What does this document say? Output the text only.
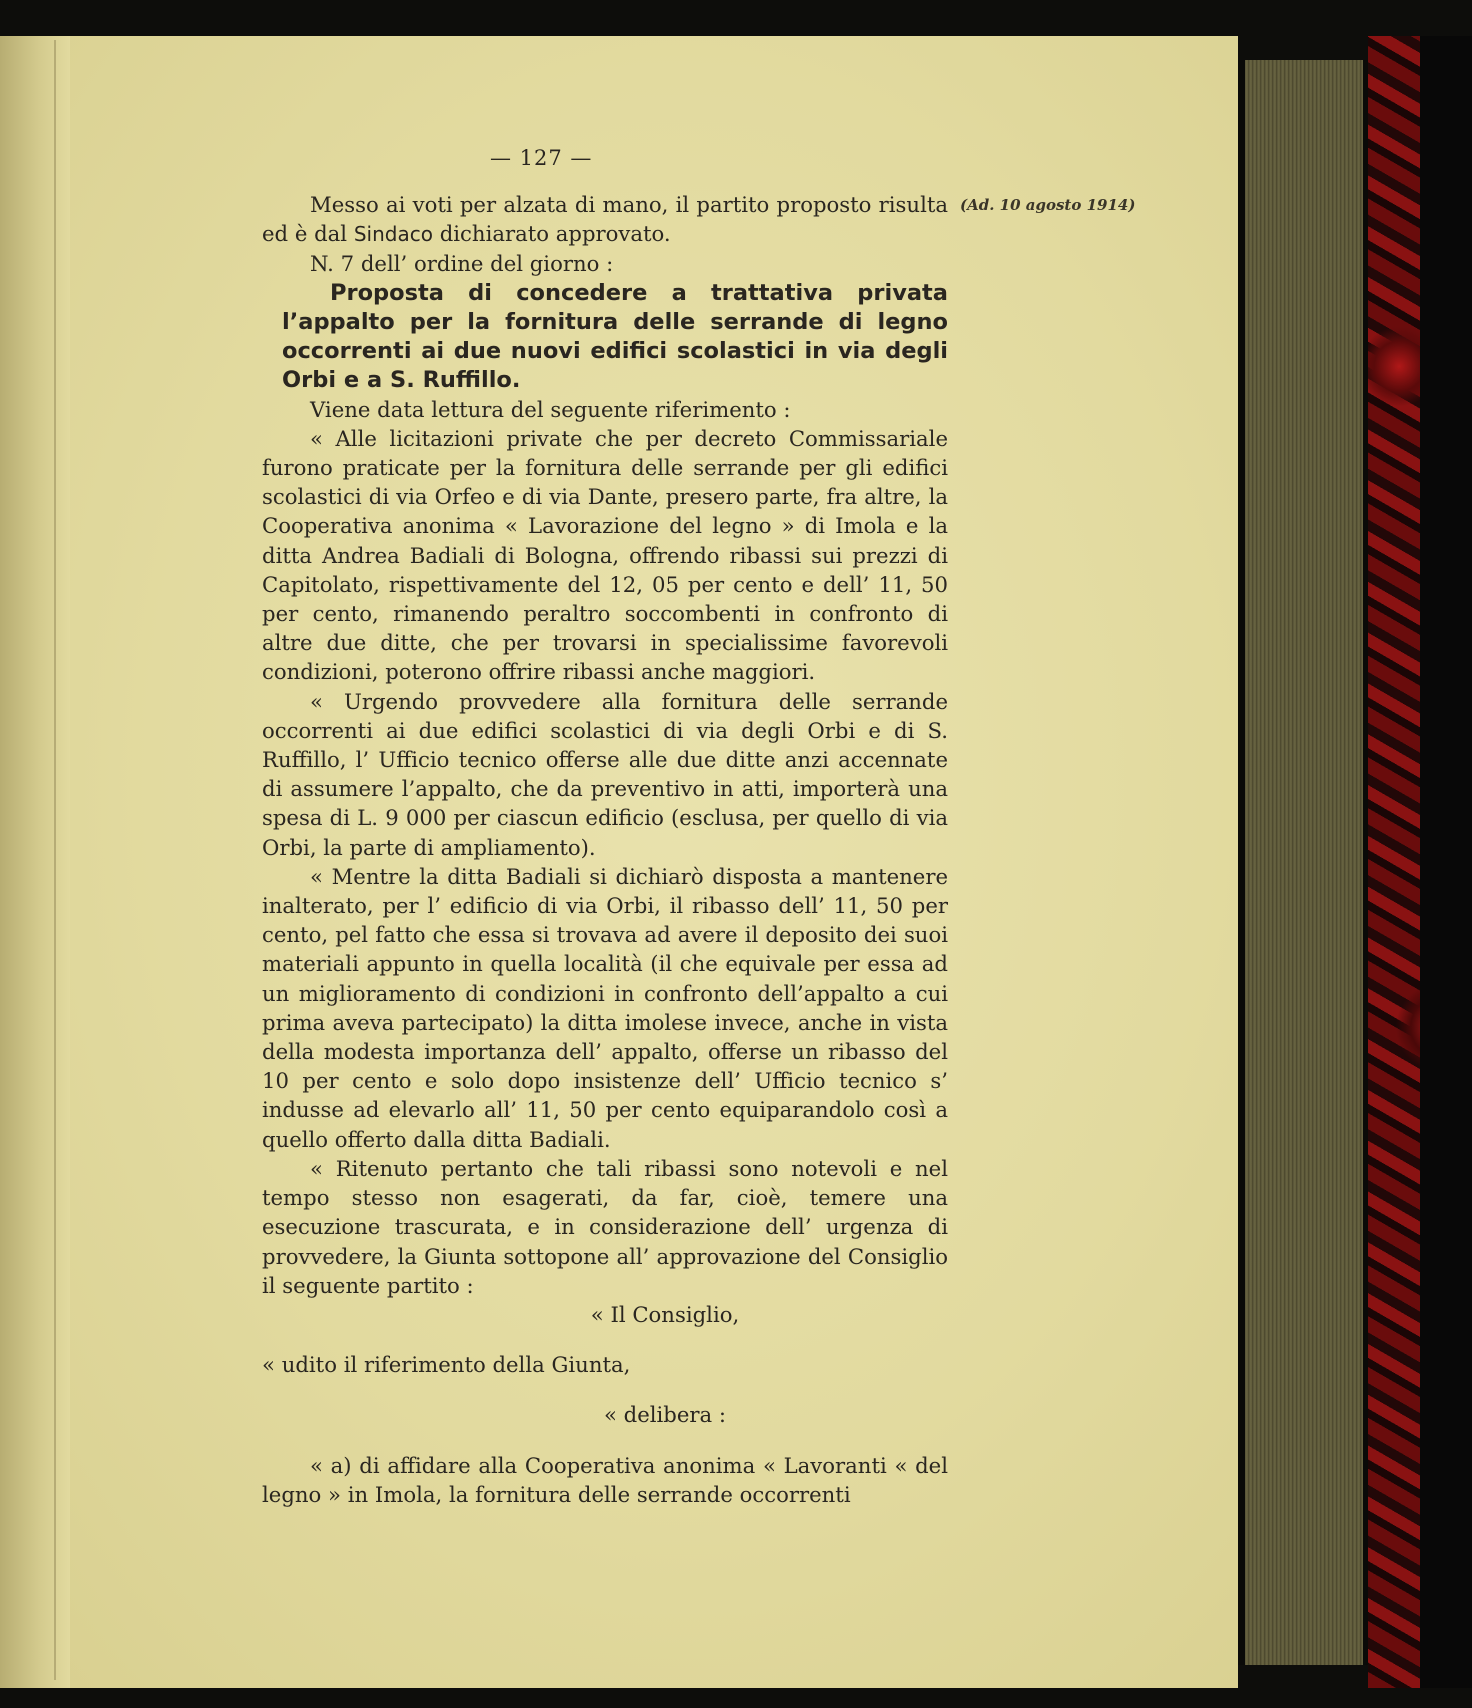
— 127 —
(Ad. 10 agosto 1914)

Messo ai voti per alzata di mano, il partito proposto risulta ed è dal Sindaco dichiarato approvato.

N. 7 dell’ ordine del giorno :

Proposta di concedere a trattativa privata l’appalto per la fornitura delle serrande di legno occorrenti ai due nuovi edifici scolastici in via degli Orbi e a S. Ruffillo.

Viene data lettura del seguente riferimento :

« Alle licitazioni private che per decreto Commissariale furono praticate per la fornitura delle serrande per gli edifici scolastici di via Orfeo e di via Dante, presero parte, fra altre, la Cooperativa anonima « Lavorazione del legno » di Imola e la ditta Andrea Badiali di Bologna, offrendo ribassi sui prezzi di Capitolato, rispettivamente del 12, 05 per cento e dell’ 11, 50 per cento, rimanendo peraltro soccombenti in confronto di altre due ditte, che per trovarsi in specialissime favorevoli condizioni, poterono offrire ribassi anche maggiori.

« Urgendo provvedere alla fornitura delle serrande occorrenti ai due edifici scolastici di via degli Orbi e di S. Ruffillo, l’ Ufficio tecnico offerse alle due ditte anzi accennate di assumere l’appalto, che da preventivo in atti, importerà una spesa di L. 9 000 per ciascun edificio (esclusa, per quello di via Orbi, la parte di ampliamento).

« Mentre la ditta Badiali si dichiarò disposta a mantenere inalterato, per l’ edificio di via Orbi, il ribasso dell’ 11, 50 per cento, pel fatto che essa si trovava ad avere il deposito dei suoi materiali appunto in quella località (il che equivale per essa ad un miglioramento di condizioni in confronto dell’appalto a cui prima aveva partecipato) la ditta imolese invece, anche in vista della modesta importanza dell’ appalto, offerse un ribasso del 10 per cento e solo dopo insistenze dell’ Ufficio tecnico s’ indusse ad elevarlo all’ 11, 50 per cento equiparandolo così a quello offerto dalla ditta Badiali.

« Ritenuto pertanto che tali ribassi sono notevoli e nel tempo stesso non esagerati, da far, cioè, temere una esecuzione trascurata, e in considerazione dell’ urgenza di provvedere, la Giunta sottopone all’ approvazione del Consiglio il seguente partito :

« Il Consiglio,

« udito il riferimento della Giunta,

« delibera :

« a) di affidare alla Cooperativa anonima « Lavoranti « del legno » in Imola, la fornitura delle serrande occorrenti
